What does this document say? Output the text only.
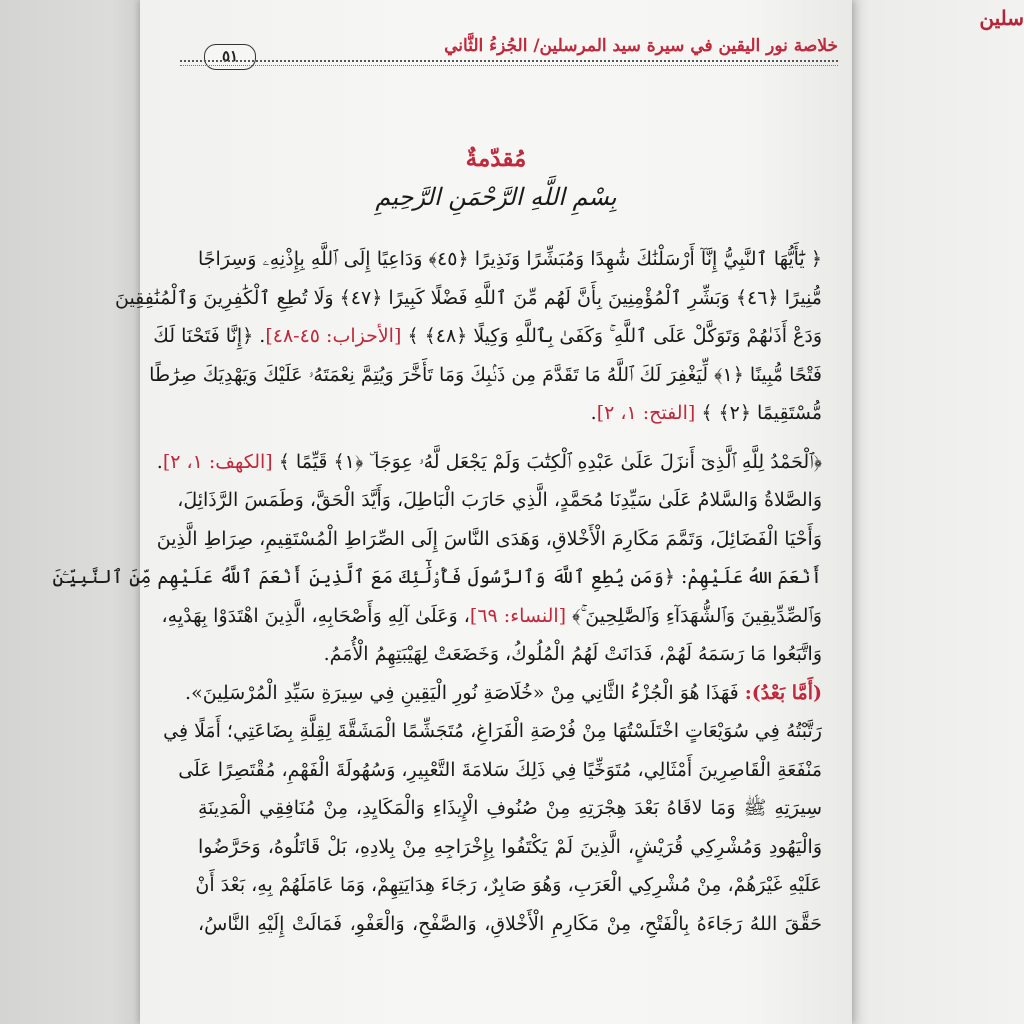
سلين

خلاصة نور اليقين في سيرة سيد المرسلين/ الجُزءُ الثَّاني
٥١
مُقدّمةٌ
بِسْمِ اللَّهِ الرَّحْمَنِ الرَّحِيمِ
﴿ يَٰٓأَيُّهَا ٱلنَّبِيُّ إِنَّآ أَرْسَلْنَٰكَ شَٰهِدًا وَمُبَشِّرًا وَنَذِيرًا ﴿٤٥﴾ وَدَاعِيًا إِلَى ٱللَّهِ بِإِذْنِهِۦ وَسِرَاجًا
مُّنِيرًا ﴿٤٦﴾ وَبَشِّرِ ٱلْمُؤْمِنِينَ بِأَنَّ لَهُم مِّنَ ٱللَّهِ فَضْلًا كَبِيرًا ﴿٤٧﴾ وَلَا تُطِعِ ٱلْكَٰفِرِينَ وَٱلْمُنَٰفِقِينَ
وَدَعْ أَذَىٰهُمْ وَتَوَكَّلْ عَلَى ٱللَّهِ ۚ وَكَفَىٰ بِٱللَّهِ وَكِيلًا ﴿٤٨﴾ ﴾ [الأحزاب: ٤٥-٤٨]. ﴿إِنَّا فَتَحْنَا لَكَ
فَتْحًا مُّبِينًا ﴿١﴾ لِّيَغْفِرَ لَكَ ٱللَّهُ مَا تَقَدَّمَ مِن ذَنۢبِكَ وَمَا تَأَخَّرَ وَيُتِمَّ نِعْمَتَهُۥ عَلَيْكَ وَيَهْدِيَكَ صِرَٰطًا
مُّسْتَقِيمًا ﴿٢﴾ ﴾ [الفتح: ١، ٢].
﴿ٱلْحَمْدُ لِلَّهِ ٱلَّذِىٓ أَنزَلَ عَلَىٰ عَبْدِهِ ٱلْكِتَٰبَ وَلَمْ يَجْعَل لَّهُۥ عِوَجَا ۜ ﴿١﴾ قَيِّمًا ﴾ [الكهف: ١، ٢].
وَالصَّلاةُ وَالسَّلامُ عَلَىٰ سَيِّدِنَا مُحَمَّدٍ، الَّذِي حَارَبَ الْبَاطِلَ، وَأَيَّدَ الْحَقَّ، وَطَمَسَ الرَّذَائِلَ،
وَأَحْيَا الْفَضَائِلَ، وَتَمَّمَ مَكَارِمَ الْأَخْلاقِ، وَهَدَى النَّاسَ إِلَى الصِّرَاطِ الْمُسْتَقِيمِ، صِرَاطِ الَّذِينَ
أَنْعَمَ اللهُ عَلَيْهِمْ: ﴿وَمَن يُطِعِ ٱللَّهَ وَٱلرَّسُولَ فَأُو۟لَٰٓئِكَ مَعَ ٱلَّذِينَ أَنْعَمَ ٱللَّهُ عَلَيْهِم مِّنَ ٱلنَّبِيِّـۧنَ
وَٱلصِّدِّيقِينَ وَٱلشُّهَدَآءِ وَٱلصَّٰلِحِينَ ۚ﴾ [النساء: ٦٩]، وَعَلَىٰ آلِهِ وَأَصْحَابِهِ، الَّذِينَ اهْتَدَوْا بِهَدْيِهِ،
وَاتَّبَعُوا مَا رَسَمَهُ لَهُمْ، فَدَانَتْ لَهُمُ الْمُلُوكُ، وَخَضَعَتْ لِهَيْبَتِهِمُ الْأُمَمُ.
(أَمَّا بَعْدُ): فَهَذَا هُوَ الْجُزْءُ الثَّانِي مِنْ «خُلَاصَةِ نُورِ الْيَقِينِ فِي سِيرَةِ سَيِّدِ الْمُرْسَلِينَ».
رَتَّبْتُهُ فِي سُوَيْعَاتٍ اخْتَلَسْتُهَا مِنْ فُرْصَةِ الْفَرَاغِ، مُتَجَشِّمًا الْمَشَقَّةَ لِقِلَّةِ بِضَاعَتِي؛ أَمَلًا فِي
مَنْفَعَةِ الْقَاصِرِينَ أَمْثَالِي، مُتَوَخِّيًا فِي ذَلِكَ سَلامَةَ التَّعْبِيرِ، وَسُهُولَةَ الْفَهْمِ، مُقْتَصِرًا عَلَى
سِيرَتِهِ ﷺ وَمَا لاقَاهُ بَعْدَ هِجْرَتِهِ مِنْ صُنُوفِ الْإِيذَاءِ وَالْمَكَايِدِ، مِنْ مُنَافِقِي الْمَدِينَةِ
وَالْيَهُودِ وَمُشْرِكِي قُرَيْشٍ، الَّذِينَ لَمْ يَكْتَفُوا بِإِخْرَاجِهِ مِنْ بِلادِهِ، بَلْ قَاتَلُوهُ، وَحَرَّضُوا
عَلَيْهِ غَيْرَهُمْ، مِنْ مُشْرِكِي الْعَرَبِ، وَهُوَ صَابِرٌ، رَجَاءَ هِدَايَتِهِمْ، وَمَا عَامَلَهُمْ بِهِ، بَعْدَ أَنْ
حَقَّقَ اللهُ رَجَاءَهُ بِالْفَتْحِ، مِنْ مَكَارِمِ الْأَخْلاقِ، وَالصَّفْحِ، وَالْعَفْوِ، فَمَالَتْ إِلَيْهِ النَّاسُ،
